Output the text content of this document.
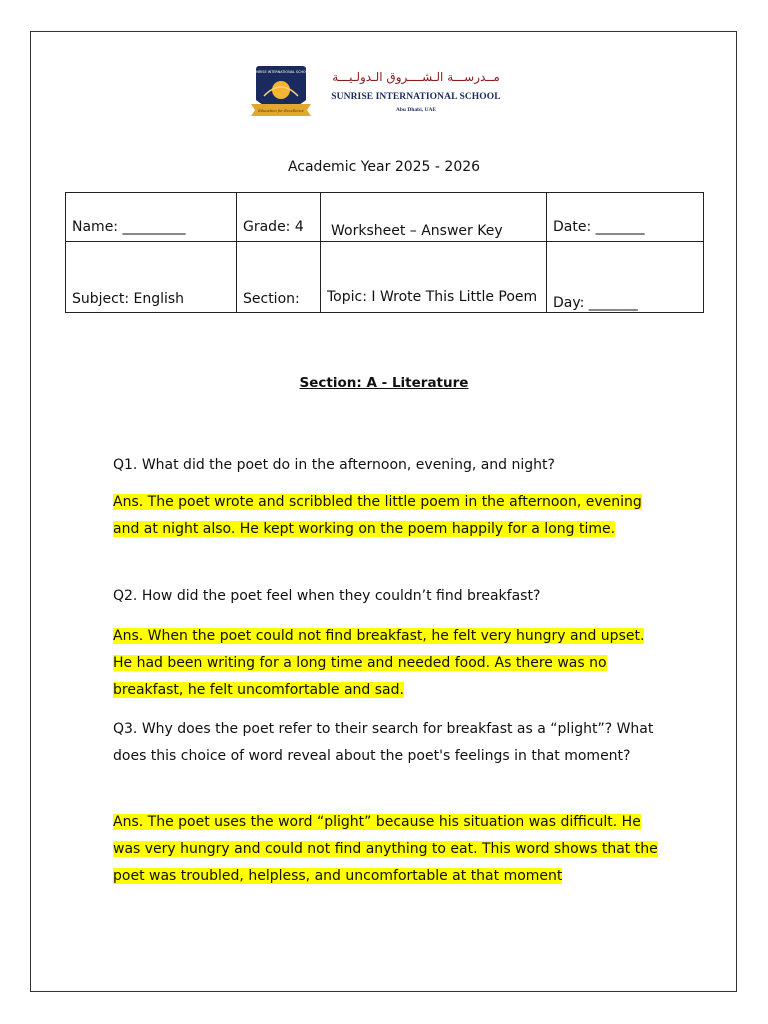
SUNRISE INTERNATIONAL SCHOOL
Education for Excellence
مــدرســـة الـشــــروق الـدولـيـــة
SUNRISE INTERNATIONAL SCHOOL
Abu Dhabi, UAE
Academic Year 2025 - 2026
Name: _________	Grade: 4	Worksheet – Answer Key	Date: _______
Subject: English	Section:	Topic: I Wrote This Little Poem	Day: _______
Section: A - Literature
Q1. What did the poet do in the afternoon, evening, and night?
Ans. The poet wrote and scribbled the little poem in the afternoon, evening and at night also. He kept working on the poem happily for a long time.
Q2. How did the poet feel when they couldn’t find breakfast?
Ans. When the poet could not find breakfast, he felt very hungry and upset. He had been writing for a long time and needed food. As there was no breakfast, he felt uncomfortable and sad.
Q3. Why does the poet refer to their search for breakfast as a “plight”? What does this choice of word reveal about the poet's feelings in that moment?
Ans. The poet uses the word “plight” because his situation was difficult. He was very hungry and could not find anything to eat. This word shows that the poet was troubled, helpless, and uncomfortable at that moment
